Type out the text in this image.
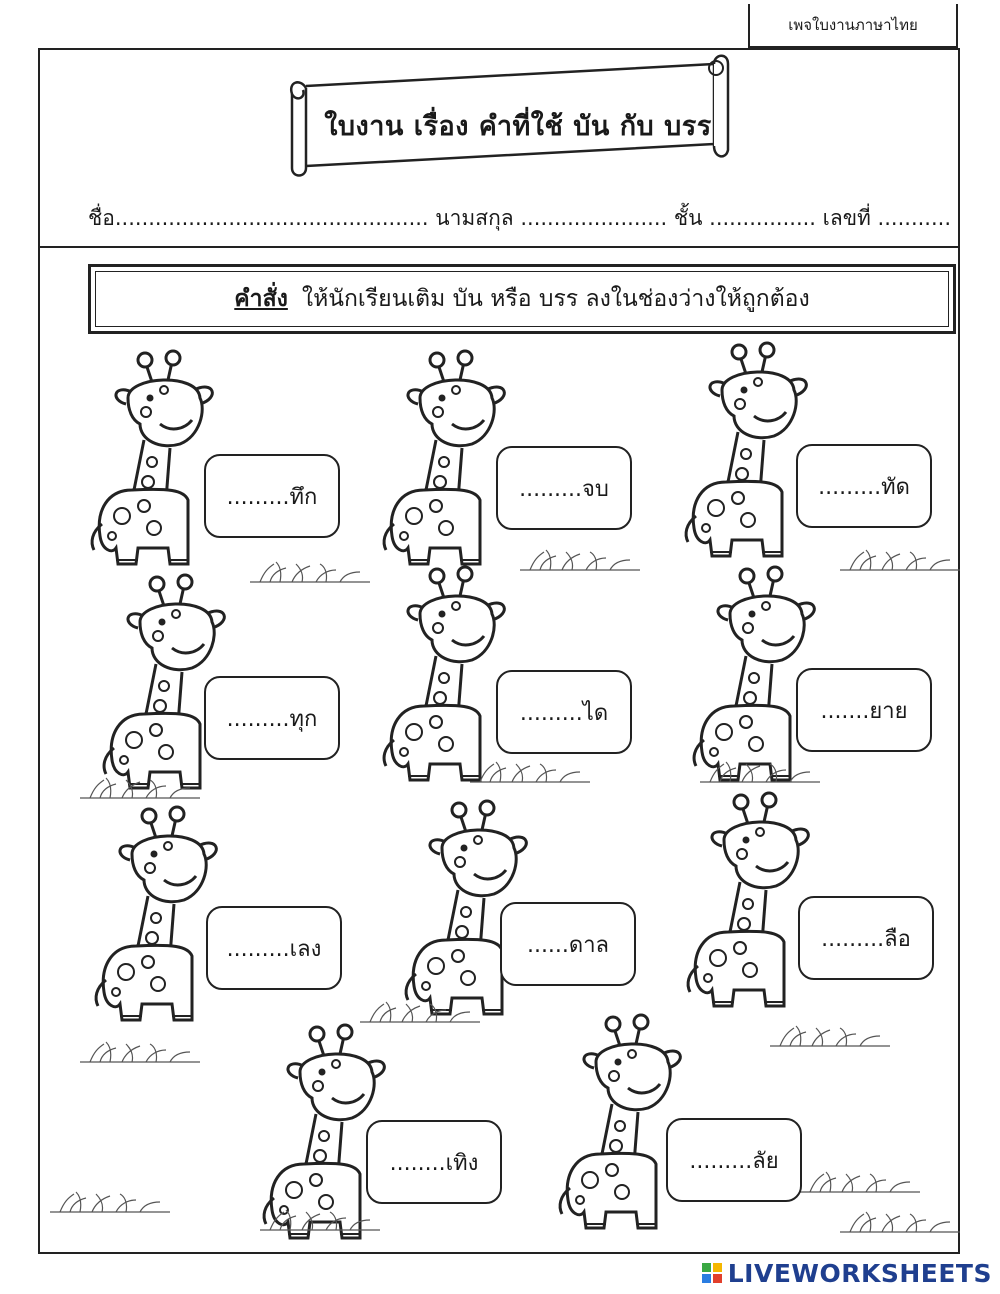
เพจใบงานภาษาไทย
ใบงาน เรื่อง คำที่ใช้ บัน กับ บรร
ชื่อ............................................... นามสกุล ...................... ชั้น ................ เลขที่ ...........
คำสั่ง ให้นักเรียนเติม บัน หรือ บรร ลงในช่องว่างให้ถูกต้อง
.........ทึก	.........จบ	.........ทัด
.........ทุก	.........ได	.......ยาย
.........เลง	......ดาล	.........ลือ
........เทิง	.........ลัย
LIVEWORKSHEETS
